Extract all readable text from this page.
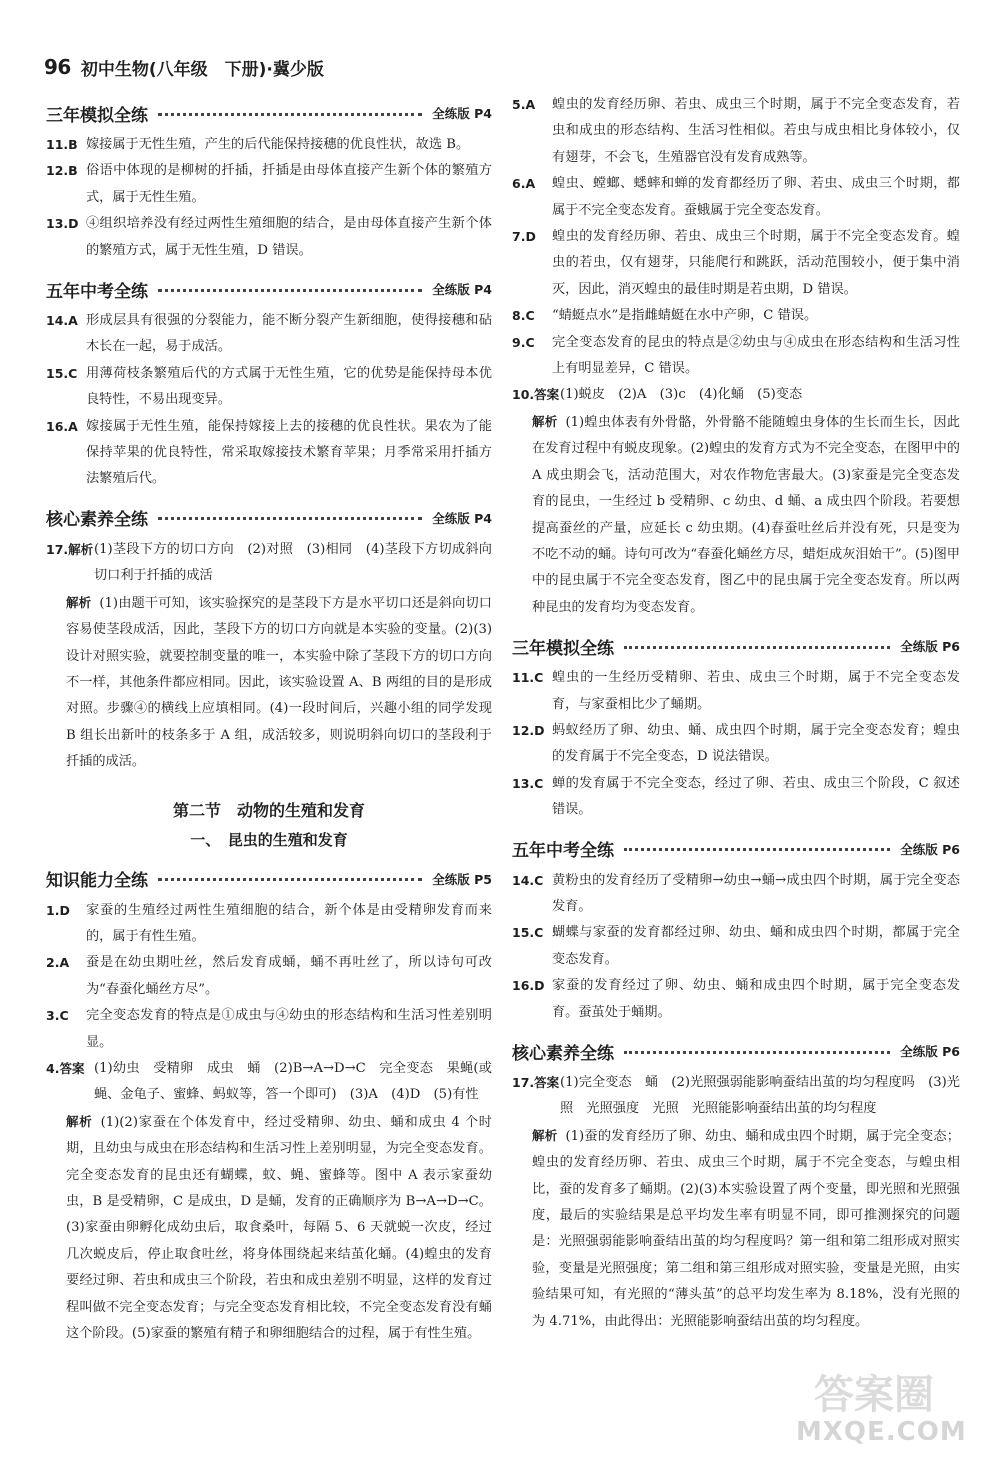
96 初中生物(八年级　下册)·冀少版
三年模拟全练	全练版 P4
11.B 嫁接属于无性生殖，产生的后代能保持接穗的优良性状，故选 B。
12.B 俗语中体现的是柳树的扦插，扦插是由母体直接产生新个体的繁殖方式，属于无性生殖。
13.D ④组织培养没有经过两性生殖细胞的结合，是由母体直接产生新个体的繁殖方式，属于无性生殖，D 错误。
五年中考全练	全练版 P4
14.A 形成层具有很强的分裂能力，能不断分裂产生新细胞，使得接穗和砧木长在一起，易于成活。
15.C 用薄荷枝条繁殖后代的方式属于无性生殖，它的优势是能保持母本优良特性，不易出现变异。
16.A 嫁接属于无性生殖，能保持嫁接上去的接穗的优良性状。果农为了能保持苹果的优良特性，常采取嫁接技术繁育苹果；月季常采用扦插方法繁殖后代。
核心素养全练	全练版 P4
17.解析 (1)茎段下方的切口方向　(2)对照　(3)相同　(4)茎段下方切成斜向切口利于扦插的成活

解析 (1)由题干可知，该实验探究的是茎段下方是水平切口还是斜向切口容易使茎段成活，因此，茎段下方的切口方向就是本实验的变量。(2)(3)设计对照实验，就要控制变量的唯一，本实验中除了茎段下方的切口方向不一样，其他条件都应相同。因此，该实验设置 A、B 两组的目的是形成对照。步骤④的横线上应填相同。(4)一段时间后，兴趣小组的同学发现 B 组长出新叶的枝条多于 A 组，成活较多，则说明斜向切口的茎段利于扦插的成活。

第二节　动物的生殖和发育
一、　昆虫的生殖和发育
知识能力全练	全练版 P5
1.D	家蚕的生殖经过两性生殖细胞的结合，新个体是由受精卵发育而来的，属于有性生殖。
2.A	蚕是在幼虫期吐丝，然后发育成蛹，蛹不再吐丝了，所以诗句可改为“春蚕化蛹丝方尽”。
3.C	完全变态发育的特点是①成虫与④幼虫的形态结构和生活习性差别明显。
4.答案 (1)幼虫　受精卵　成虫　蛹　(2)B→A→D→C　完全变态　果蝇(或蝇、金龟子、蜜蜂、蚂蚁等，答一个即可)　(3)A　(4)D　(5)有性

解析 (1)(2)家蚕在个体发育中，经过受精卵、幼虫、蛹和成虫 4 个时期，且幼虫与成虫在形态结构和生活习性上差别明显，为完全变态发育。完全变态发育的昆虫还有蝴蝶，蚊、蝇、蜜蜂等。图中 A 表示家蚕幼虫，B 是受精卵，C 是成虫，D 是蛹，发育的正确顺序为 B→A→D→C。(3)家蚕由卵孵化成幼虫后，取食桑叶，每隔 5、6 天就蜕一次皮，经过几次蜕皮后，停止取食吐丝，将身体围绕起来结茧化蛹。(4)蝗虫的发育要经过卵、若虫和成虫三个阶段，若虫和成虫差别不明显，这样的发育过程叫做不完全变态发育；与完全变态发育相比较，不完全变态发育没有蛹这个阶段。(5)家蚕的繁殖有精子和卵细胞结合的过程，属于有性生殖。

5.A	蝗虫的发育经历卵、若虫、成虫三个时期，属于不完全变态发育，若虫和成虫的形态结构、生活习性相似。若虫与成虫相比身体较小，仅有翅芽，不会飞，生殖器官没有发育成熟等。
6.A	蝗虫、螳螂、蟋蟀和蝉的发育都经历了卵、若虫、成虫三个时期，都属于不完全变态发育。蚕蛾属于完全变态发育。
7.D	蝗虫的发育经历卵、若虫、成虫三个时期，属于不完全变态发育。蝗虫的若虫，仅有翅芽，只能爬行和跳跃，活动范围较小，便于集中消灭，因此，消灭蝗虫的最佳时期是若虫期，D 错误。
8.C	“蜻蜓点水”是指雌蜻蜓在水中产卵，C 错误。
9.C	完全变态发育的昆虫的特点是②幼虫与④成虫在形态结构和生活习性上有明显差异，C 错误。
10.答案 (1)蜕皮　(2)A　(3)c　(4)化蛹　(5)变态

解析 (1)蝗虫体表有外骨骼，外骨骼不能随蝗虫身体的生长而生长，因此在发育过程中有蜕皮现象。(2)蝗虫的发育方式为不完全变态，在图甲中的 A 成虫期会飞，活动范围大，对农作物危害最大。(3)家蚕是完全变态发育的昆虫，一生经过 b 受精卵、c 幼虫、d 蛹、a 成虫四个阶段。若要想提高蚕丝的产量，应延长 c 幼虫期。(4)春蚕吐丝后并没有死，只是变为不吃不动的蛹。诗句可改为“春蚕化蛹丝方尽，蜡炬成灰泪始干”。(5)图甲中的昆虫属于不完全变态发育，图乙中的昆虫属于完全变态发育。所以两种昆虫的发育均为变态发育。

三年模拟全练	全练版 P6
11.C 蝗虫的一生经历受精卵、若虫、成虫三个时期，属于不完全变态发育，与家蚕相比少了蛹期。
12.D 蚂蚁经历了卵、幼虫、蛹、成虫四个时期，属于完全变态发育；蝗虫的发育属于不完全变态，D 说法错误。
13.C 蝉的发育属于不完全变态，经过了卵、若虫、成虫三个阶段，C 叙述错误。
五年中考全练	全练版 P6
14.C 黄粉虫的发育经历了受精卵→幼虫→蛹→成虫四个时期，属于完全变态发育。
15.C 蝴蝶与家蚕的发育都经过卵、幼虫、蛹和成虫四个时期，都属于完全变态发育。
16.D 家蚕的发育经过了卵、幼虫、蛹和成虫四个时期，属于完全变态发育。蚕茧处于蛹期。
核心素养全练	全练版 P6
17.答案 (1)完全变态　蛹　(2)光照强弱能影响蚕结出茧的均匀程度吗　(3)光照　光照强度　光照　光照能影响蚕结出茧的均匀程度

解析 (1)蚕的发育经历了卵、幼虫、蛹和成虫四个时期，属于完全变态；蝗虫的发育经历卵、若虫、成虫三个时期，属于不完全变态，与蝗虫相比，蚕的发育多了蛹期。(2)(3)本实验设置了两个变量，即光照和光照强度，最后的实验结果是总平均发生率有明显不同，即可推测探究的问题是：光照强弱能影响蚕结出茧的均匀程度吗？第一组和第二组形成对照实验，变量是光照强度；第二组和第三组形成对照实验，变量是光照，由实验结果可知，有光照的“薄头茧”的总平均发生率为 8.18%，没有光照的为 4.71%，由此得出：光照能影响蚕结出茧的均匀程度。

答案圈
MXQE.COM
